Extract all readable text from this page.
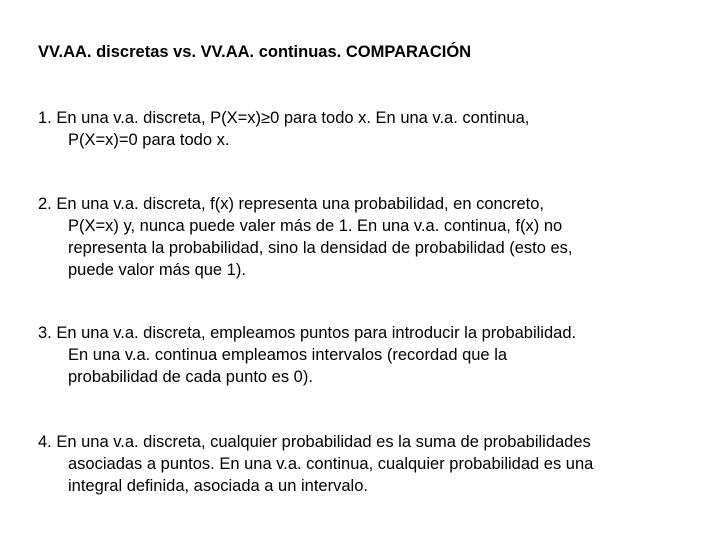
VV.AA. discretas vs. VV.AA. continuas. COMPARACIÓN
1. En una v.a. discreta, P(X=x)≥0 para todo x. En una v.a. continua,
P(X=x)=0 para todo x.
2. En una v.a. discreta, f(x) representa una probabilidad, en concreto,
P(X=x) y, nunca puede valer más de 1. En una v.a. continua, f(x) no
representa la probabilidad, sino la densidad de probabilidad (esto es,
puede valor más que 1).
3. En una v.a. discreta, empleamos puntos para introducir la probabilidad.
En una v.a. continua empleamos intervalos (recordad que la
probabilidad de cada punto es 0).
4. En una v.a. discreta, cualquier probabilidad es la suma de probabilidades
asociadas a puntos. En una v.a. continua, cualquier probabilidad es una
integral definida, asociada a un intervalo.
